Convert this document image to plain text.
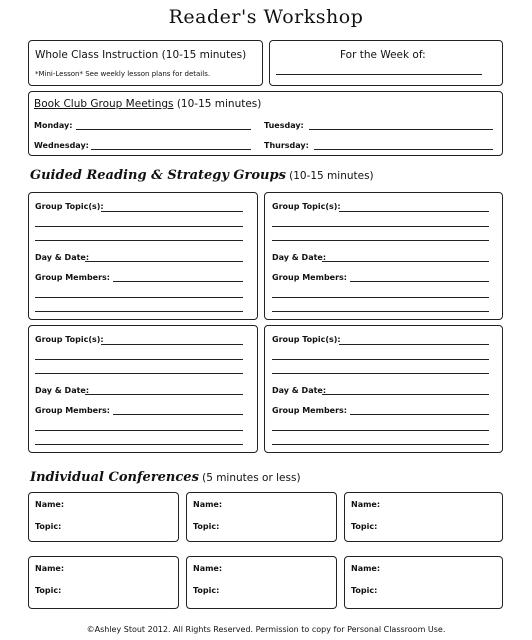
Reader's Workshop
Whole Class Instruction (10-15 minutes)
*Mini-Lesson* See weekly lesson plans for details.
For the Week of:
Book Club Group Meetings (10-15 minutes)
Monday:	Tuesday:
Wednesday:	Thursday:
Guided Reading & Strategy Groups (10-15 minutes)
Group Topic(s):
Day & Date:
Group Members:
Group Topic(s):
Day & Date:
Group Members:
Group Topic(s):
Day & Date:
Group Members:
Group Topic(s):
Day & Date:
Group Members:
Individual Conferences (5 minutes or less)
Name:
Topic:
Name:
Topic:
Name:
Topic:
Name:
Topic:
Name:
Topic:
Name:
Topic:
©Ashley Stout 2012. All Rights Reserved. Permission to copy for Personal Classroom Use.
